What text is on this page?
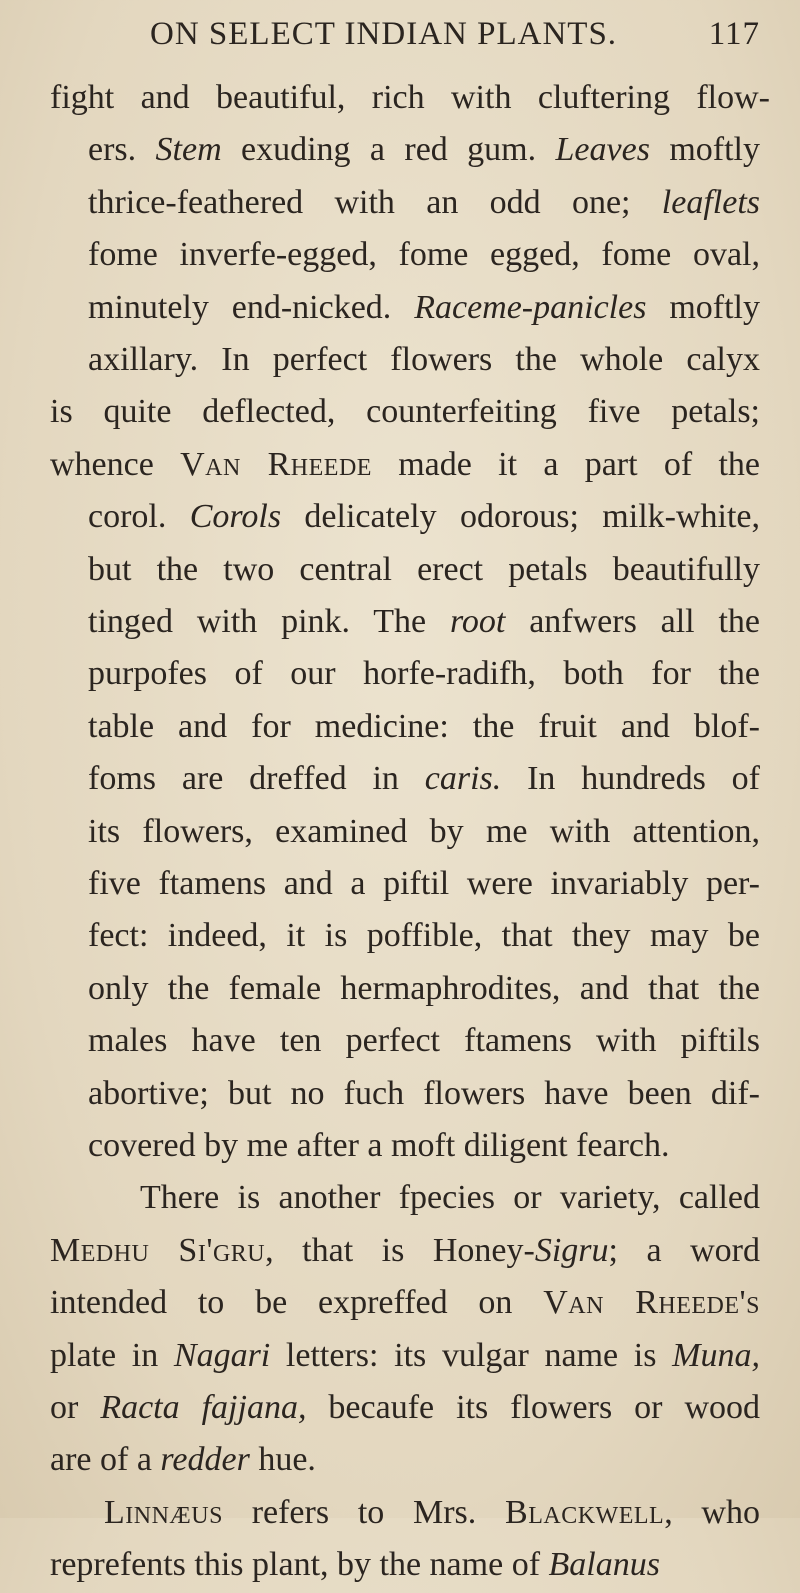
ON SELECT INDIAN PLANTS.	117
fight and beautiful, rich with cluftering flow-
ers. Stem exuding a red gum. Leaves moftly
thrice-feathered with an odd one; leaflets
fome inverfe-egged, fome egged, fome oval,
minutely end-nicked. Raceme-panicles moftly
axillary. In perfect flowers the whole calyx
is quite deflected, counterfeiting five petals;
whence Van Rheede made it a part of the
corol. Corols delicately odorous; milk-white,
but the two central erect petals beautifully
tinged with pink. The root anfwers all the
purpofes of our horfe-radifh, both for the
table and for medicine: the fruit and blof-
foms are dreffed in caris. In hundreds of
its flowers, examined by me with attention,
five ftamens and a piftil were invariably per-
fect: indeed, it is poffible, that they may be
only the female hermaphrodites, and that the
males have ten perfect ftamens with piftils
abortive; but no fuch flowers have been dif-
covered by me after a moft diligent fearch.
There is another fpecies or variety, called
Medhu Si'gru, that is Honey-Sigru; a word
intended to be expreffed on Van Rheede's
plate in Nagari letters: its vulgar name is Muna,
or Racta fajjana, becaufe its flowers or wood
are of a redder hue.
Linnæus refers to Mrs. Blackwell, who
reprefents this plant, by the name of Balanus
